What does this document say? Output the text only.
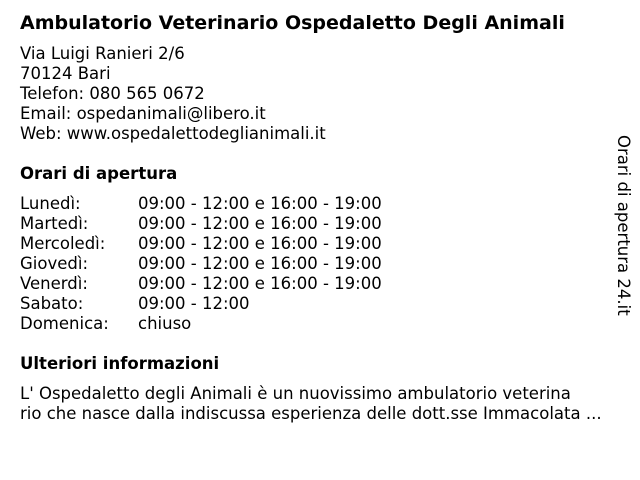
Ambulatorio Veterinario Ospedaletto Degli Animali
Via Luigi Ranieri 2/6
70124 Bari
Telefon: 080 565 0672
Email: ospedanimali@libero.it
Web: www.ospedalettodeglianimali.it
Orari di apertura
Lunedì:	09:00 - 12:00 e 16:00 - 19:00
Martedì:	09:00 - 12:00 e 16:00 - 19:00
Mercoledì: 09:00 - 12:00 e 16:00 - 19:00
Giovedì:	09:00 - 12:00 e 16:00 - 19:00
Venerdì:	09:00 - 12:00 e 16:00 - 19:00
Sabato:	09:00 - 12:00
Domenica: chiuso
Ulteriori informazioni
L' Ospedaletto degli Animali è un nuovissimo ambulatorio veterina
rio che nasce dalla indiscussa esperienza delle dott.sse Immacolata ...
Orari di apertura 24.it
